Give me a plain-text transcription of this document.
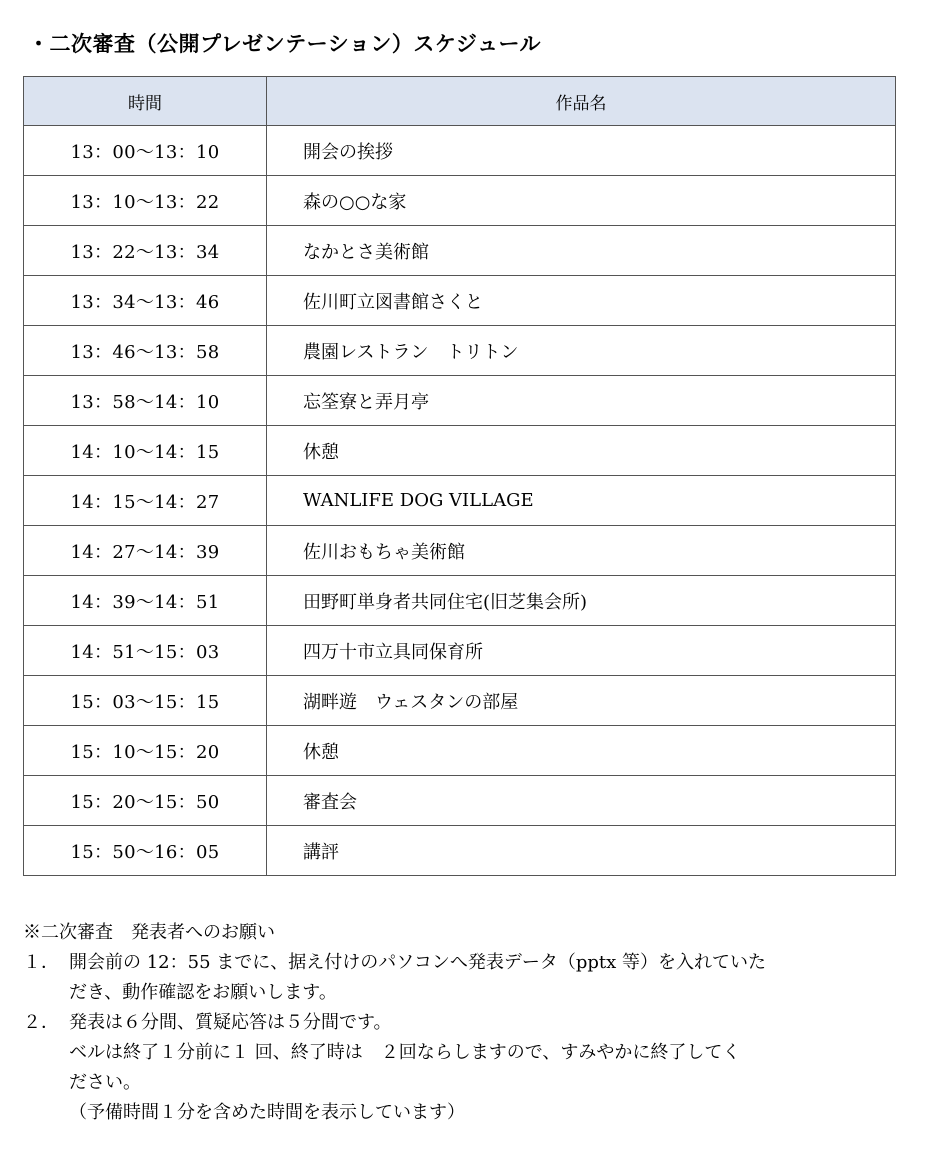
・二次審査（公開プレゼンテーション）スケジュール
時間	作品名
13：00～13：10	開会の挨拶
13：10～13：22	森の○○な家
13：22～13：34	なかとさ美術館
13：34～13：46	佐川町立図書館さくと
13：46～13：58	農園レストラン　トリトン
13：58～14：10	忘筌寮と弄月亭
14：10～14：15	休憩
14：15～14：27	WANLIFE DOG VILLAGE
14：27～14：39	佐川おもちゃ美術館
14：39～14：51	田野町単身者共同住宅(旧芝集会所)
14：51～15：03	四万十市立具同保育所
15：03～15：15	湖畔遊　ウェスタンの部屋
15：10～15：20	休憩
15：20～15：50	審査会
15：50～16：05	講評
※二次審査　発表者へのお願い
１． 開会前の 12：55 までに、据え付けのパソコンへ発表データ（pptx 等）を入れていた

だき、動作確認をお願いします。

２． 発表は６分間、質疑応答は５分間です。

ベルは終了１分前に１ 回、終了時は　２回ならしますので、すみやかに終了してく

ださい。

（予備時間１分を含めた時間を表示しています）
